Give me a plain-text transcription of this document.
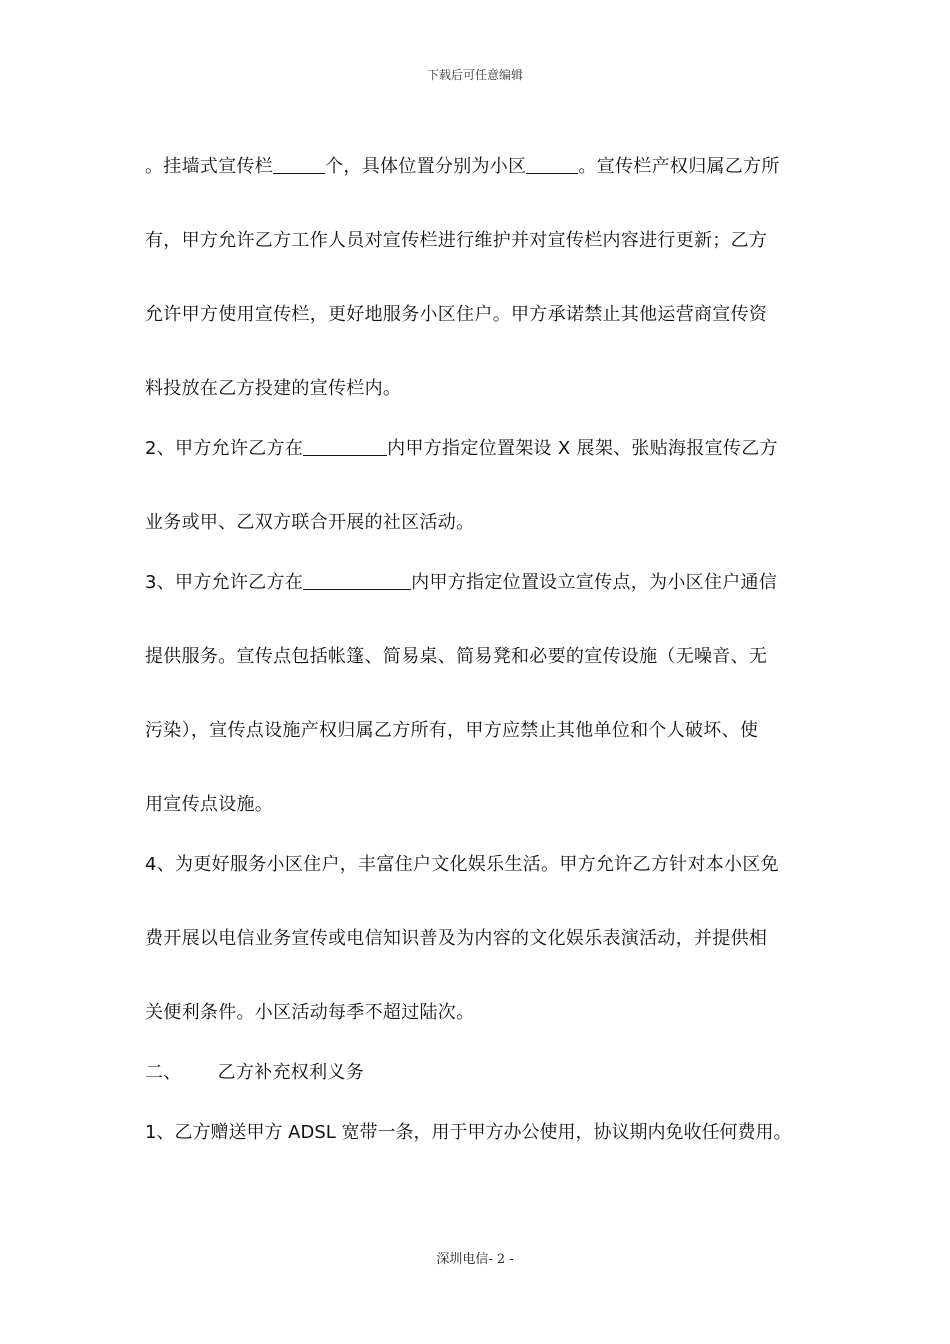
下载后可任意编辑

。挂墙式宣传栏	个，具体位置分别为小区	。宣传栏产权归属乙方所

有，甲方允许乙方工作人员对宣传栏进行维护并对宣传栏内容进行更新；乙方

允许甲方使用宣传栏，更好地服务小区住户。甲方承诺禁止其他运营商宣传资

料投放在乙方投建的宣传栏内。

2、甲方允许乙方在	内甲方指定位置架设 X 展架、张贴海报宣传乙方

业务或甲、乙双方联合开展的社区活动。

3、甲方允许乙方在	内甲方指定位置设立宣传点，为小区住户通信

提供服务。宣传点包括帐篷、简易桌、简易凳和必要的宣传设施（无噪音、无

污染），宣传点设施产权归属乙方所有，甲方应禁止其他单位和个人破坏、使

用宣传点设施。

4、为更好服务小区住户，丰富住户文化娱乐生活。甲方允许乙方针对本小区免

费开展以电信业务宣传或电信知识普及为内容的文化娱乐表演活动，并提供相

关便利条件。小区活动每季不超过陆次。

二、 乙方补充权利义务

1、乙方赠送甲方 ADSL 宽带一条，用于甲方办公使用，协议期内免收任何费用。

深圳电信- 2 -
